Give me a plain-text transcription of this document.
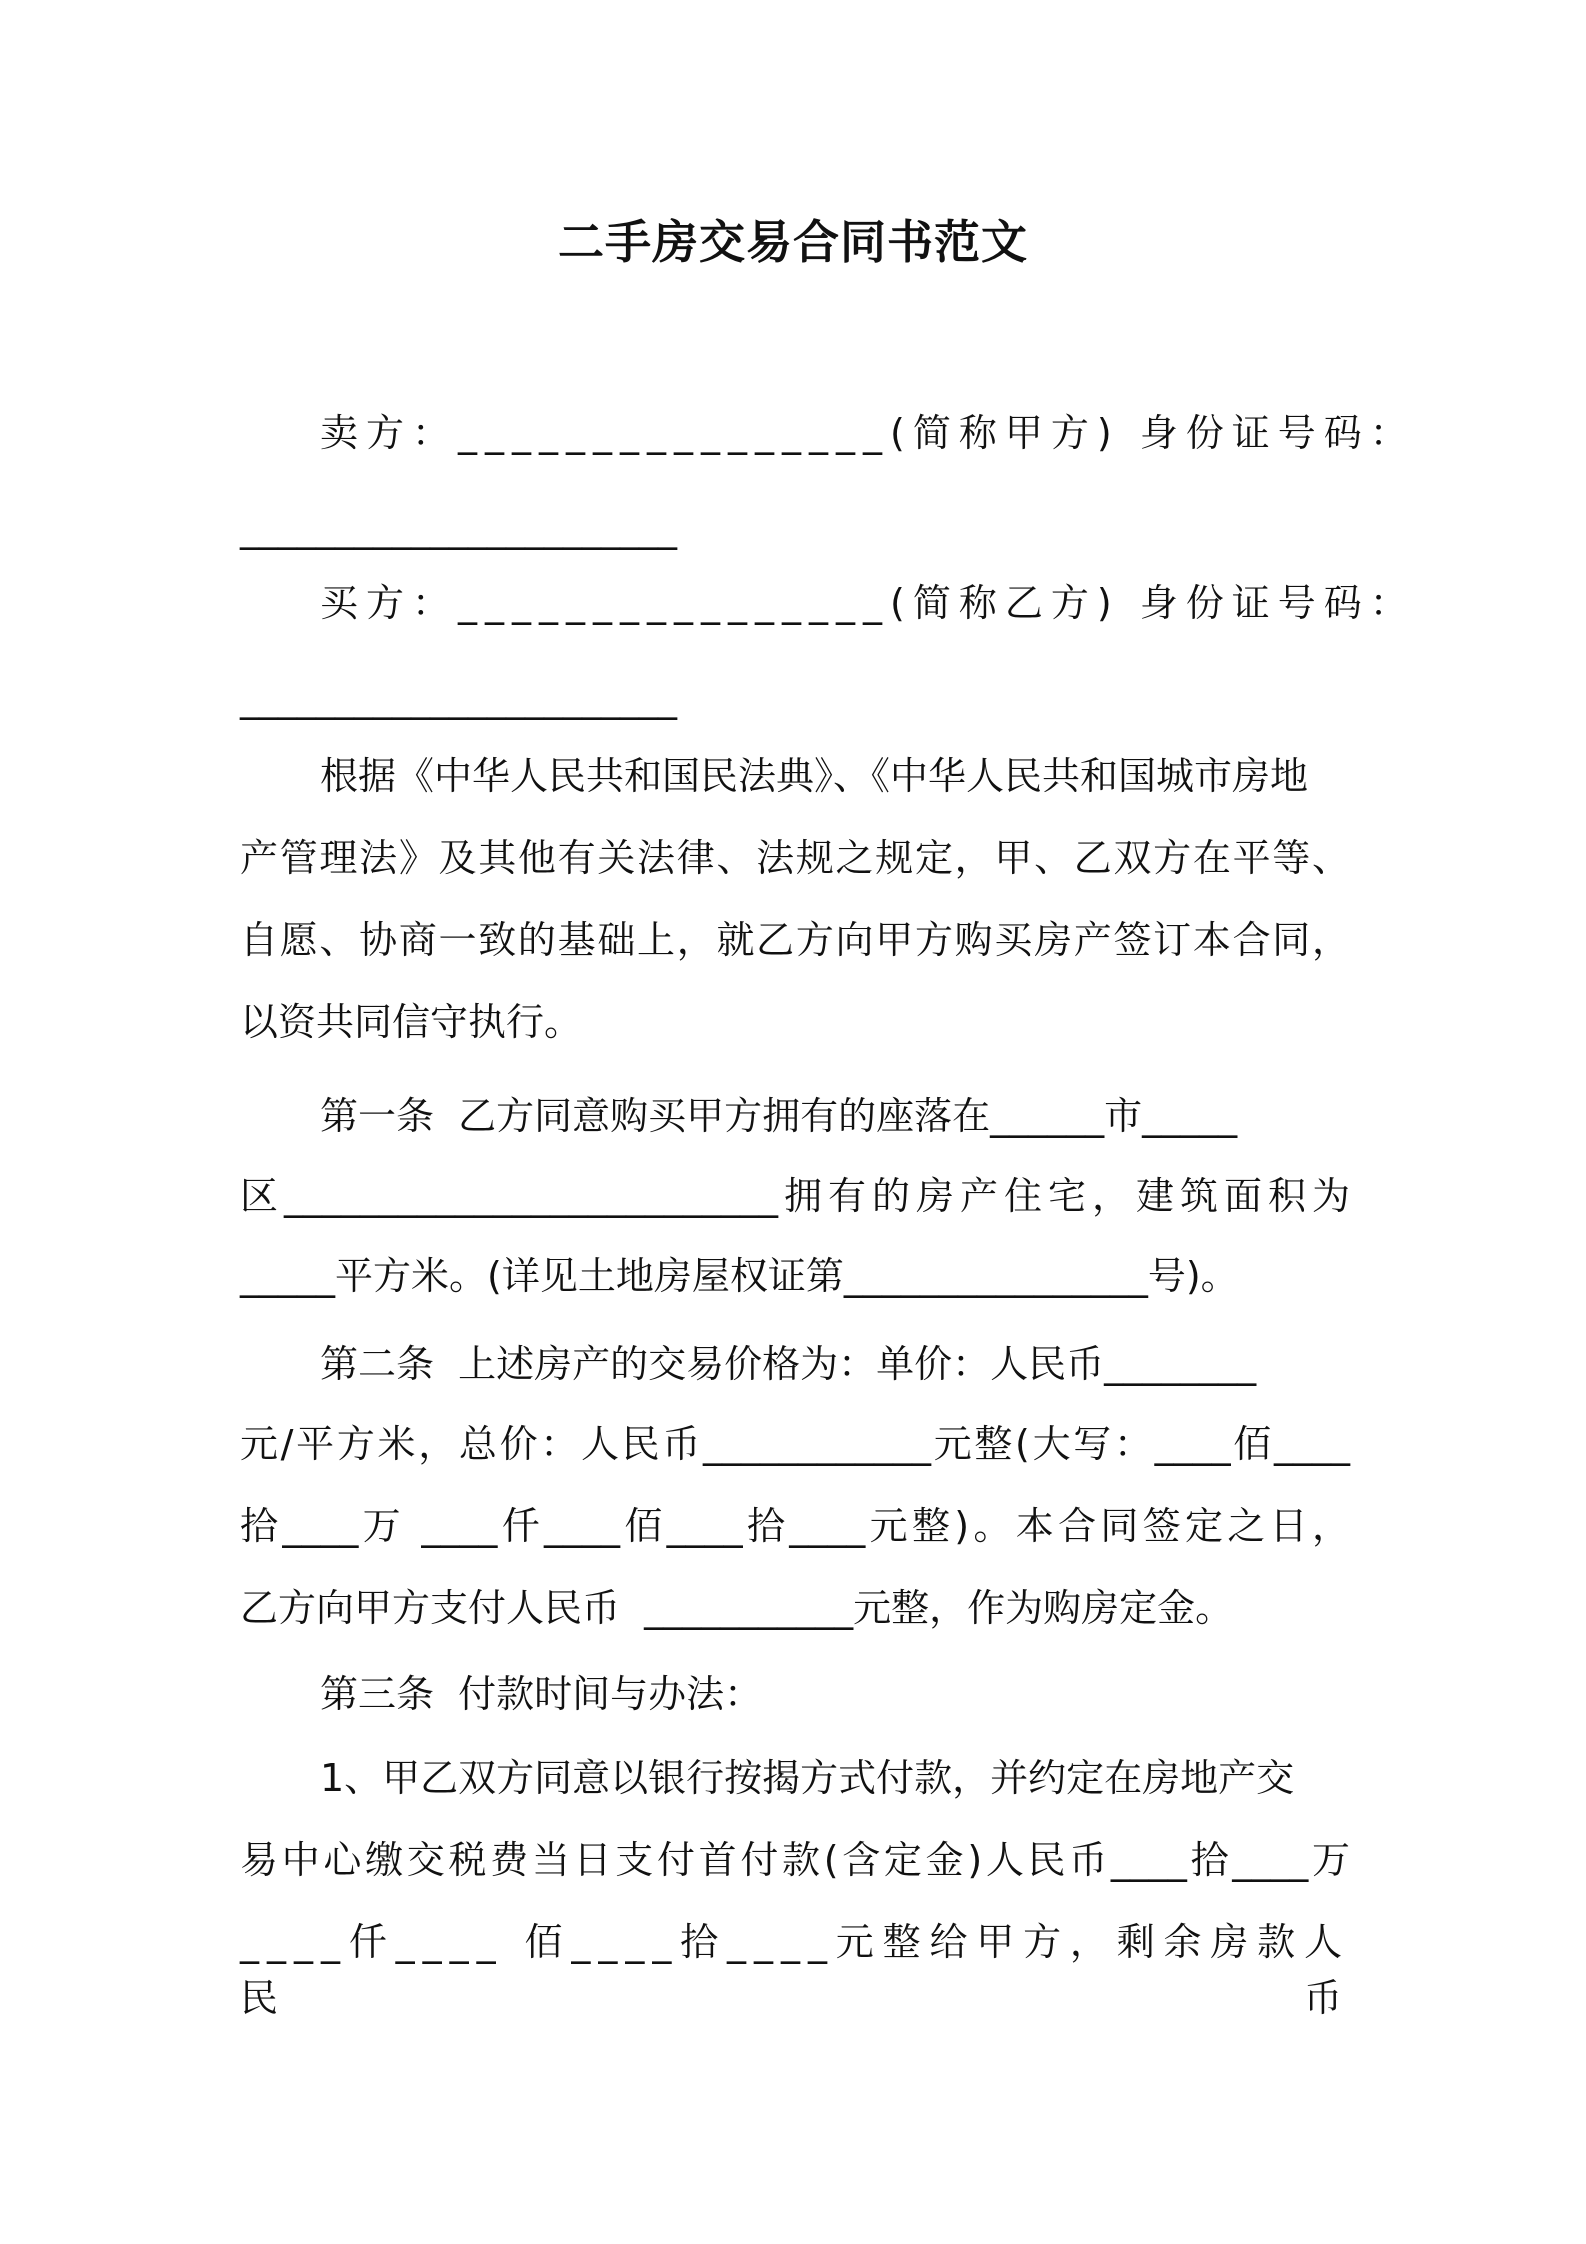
二手房交易合同书范文
卖方：________________(简称甲方) 身份证号码：
_______________________
买方：________________(简称乙方) 身份证号码：
_______________________
根据《中华人民共和国民法典》、《中华人民共和国城市房地
产管理法》及其他有关法律、法规之规定，甲、乙双方在平等、
自愿、协商一致的基础上，就乙方向甲方购买房产签订本合同，
以资共同信守执行。
第一条  乙方同意购买甲方拥有的座落在______市_____
区__________________________拥有的房产住宅，建筑面积为
_____平方米。(详见土地房屋权证第________________号)。
第二条  上述房产的交易价格为：单价：人民币________
元/平方米，总价：人民币____________元整(大写：____佰____
拾____万 ____仟____佰____拾____元整)。本合同签定之日，
乙方向甲方支付人民币  ___________元整，作为购房定金。
第三条  付款时间与办法：
1、甲乙双方同意以银行按揭方式付款，并约定在房地产交
易中心缴交税费当日支付首付款(含定金)人民币____拾____万
____仟____ 佰____拾____元整给甲方，剩余房款人民币
